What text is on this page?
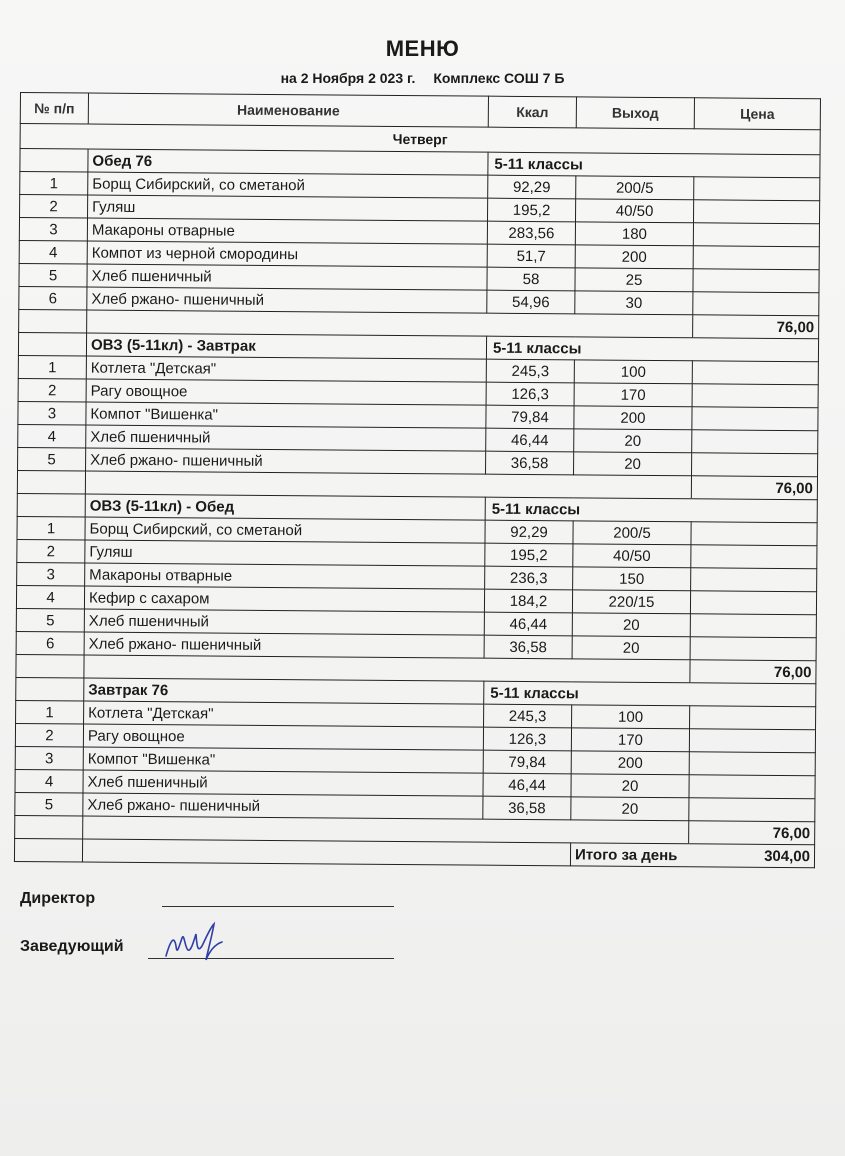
МЕНЮ
на 2 Ноября 2 023 г. Комплекс СОШ 7 Б
№ п/п	Наименование	Ккал	Выход	Цена
Четверг				
	Обед 76	5-11 классы		
1	Борщ Сибирский, со сметаной	92,29	200/5	
2	Гуляш	195,2	40/50	
3	Макароны отварные	283,56	180	
4	Компот из черной смородины	51,7	200	
5	Хлеб пшеничный	58	25	
6	Хлеб ржано- пшеничный	54,96	30	
				76,00
	ОВЗ (5-11кл) - Завтрак	5-11 классы		
1	Котлета "Детская"	245,3	100	
2	Рагу овощное	126,3	170	
3	Компот "Вишенка"	79,84	200	
4	Хлеб пшеничный	46,44	20	
5	Хлеб ржано- пшеничный	36,58	20	
				76,00
	ОВЗ (5-11кл) - Обед	5-11 классы		
1	Борщ Сибирский, со сметаной	92,29	200/5	
2	Гуляш	195,2	40/50	
3	Макароны отварные	236,3	150	
4	Кефир с сахаром	184,2	220/15	
5	Хлеб пшеничный	46,44	20	
6	Хлеб ржано- пшеничный	36,58	20	
				76,00
	Завтрак 76	5-11 классы		
1	Котлета "Детская"	245,3	100	
2	Рагу овощное	126,3	170	
3	Компот "Вишенка"	79,84	200	
4	Хлеб пшеничный	46,44	20	
5	Хлеб ржано- пшеничный	36,58	20	
				76,00
			Итого за день	304,00
Директор
Заведующий
